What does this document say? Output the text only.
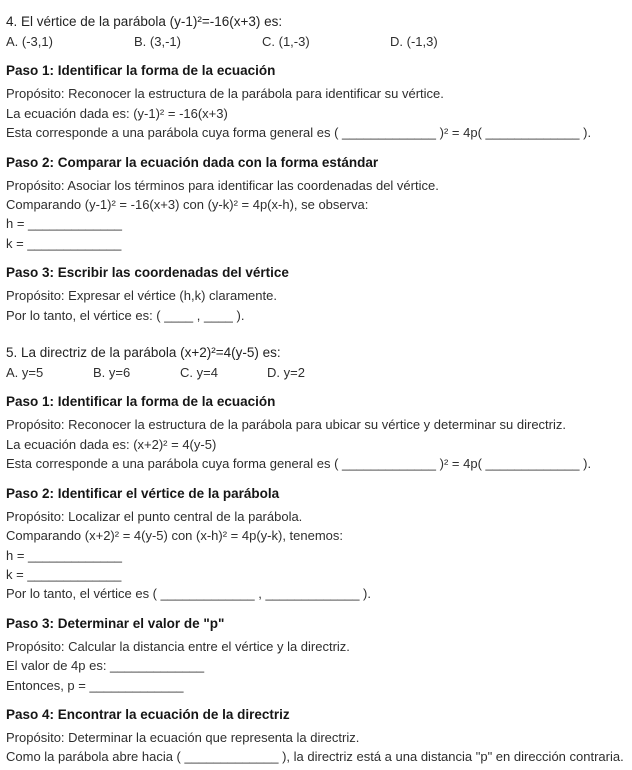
4. El vértice de la parábola (y-1)²=-16(x+3) es:

A. (-3,1)	B. (3,-1)	C. (1,-3)	D. (-1,3)

Paso 1: Identificar la forma de la ecuación

Propósito: Reconocer la estructura de la parábola para identificar su vértice.

La ecuación dada es: (y-1)² = -16(x+3)

Esta corresponde a una parábola cuya forma general es ( _____________ )² = 4p( _____________ ).

Paso 2: Comparar la ecuación dada con la forma estándar

Propósito: Asociar los términos para identificar las coordenadas del vértice.

Comparando (y-1)² = -16(x+3) con (y-k)² = 4p(x-h), se observa:

h = _____________

k = _____________

Paso 3: Escribir las coordenadas del vértice

Propósito: Expresar el vértice (h,k) claramente.

Por lo tanto, el vértice es: ( ____ , ____ ).

5. La directriz de la parábola (x+2)²=4(y-5) es:

A. y=5	B. y=6	C. y=4	D. y=2

Paso 1: Identificar la forma de la ecuación

Propósito: Reconocer la estructura de la parábola para ubicar su vértice y determinar su directriz.

La ecuación dada es: (x+2)² = 4(y-5)

Esta corresponde a una parábola cuya forma general es ( _____________ )² = 4p( _____________ ).

Paso 2: Identificar el vértice de la parábola

Propósito: Localizar el punto central de la parábola.

Comparando (x+2)² = 4(y-5) con (x-h)² = 4p(y-k), tenemos:

h = _____________

k = _____________

Por lo tanto, el vértice es ( _____________ , _____________ ).

Paso 3: Determinar el valor de "p"

Propósito: Calcular la distancia entre el vértice y la directriz.

El valor de 4p es: _____________

Entonces, p = _____________

Paso 4: Encontrar la ecuación de la directriz

Propósito: Determinar la ecuación que representa la directriz.

Como la parábola abre hacia ( _____________ ), la directriz está a una distancia "p" en dirección contraria.
